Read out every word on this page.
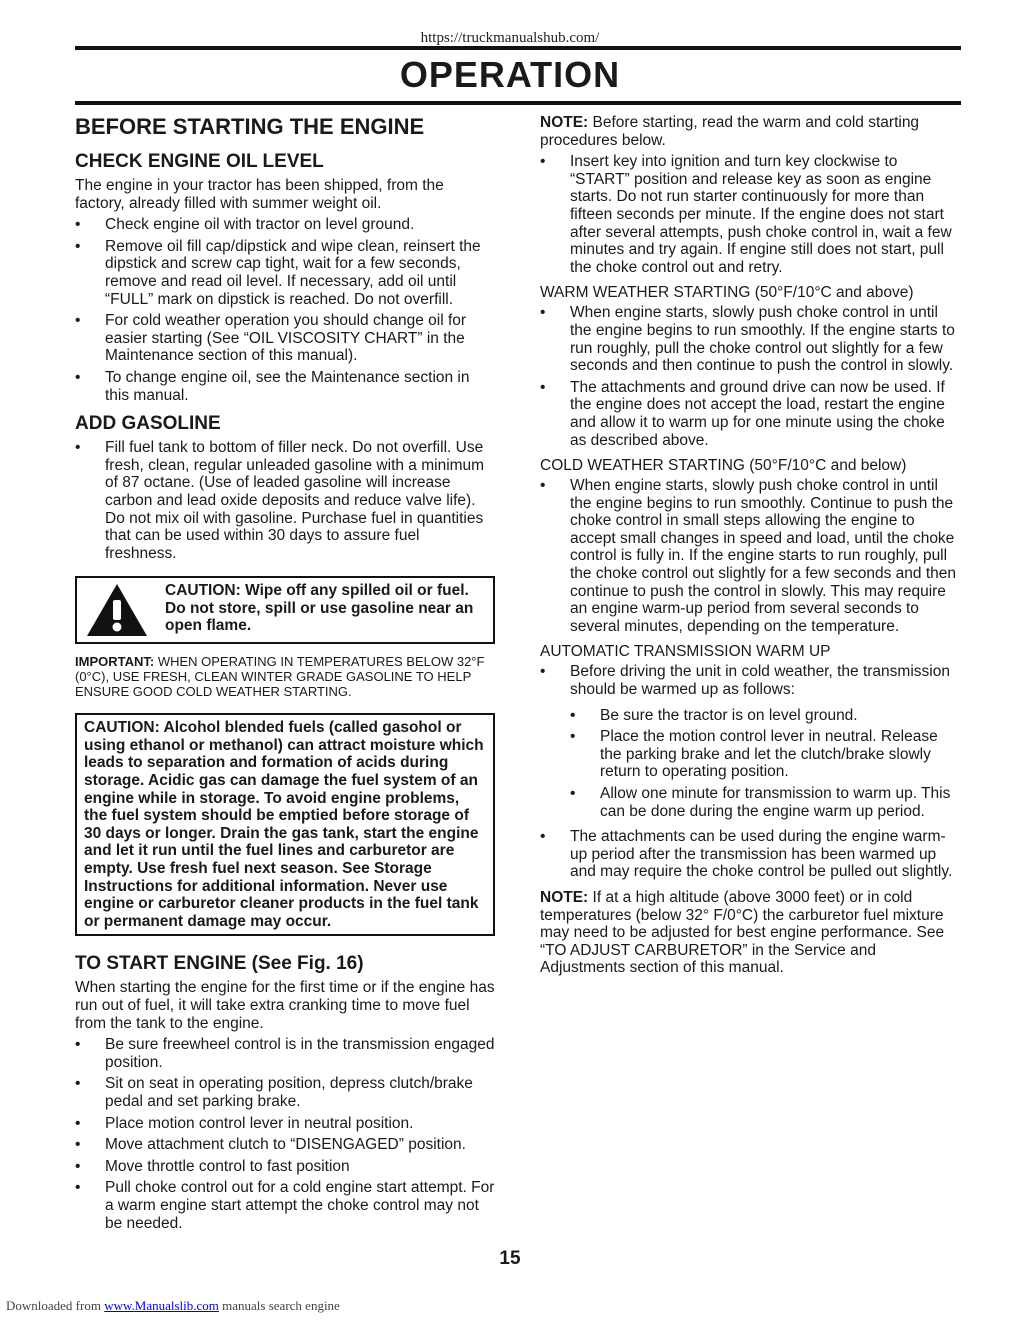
https://truckmanualshub.com/
OPERATION
BEFORE STARTING THE ENGINE
CHECK ENGINE OIL LEVEL

The engine in your tractor has been shipped, from the factory, already filled with summer weight oil.

• Check engine oil with tractor on level ground.
• Remove oil fill cap/dipstick and wipe clean, reinsert the dipstick and screw cap tight, wait for a few seconds, remove and read oil level. If necessary, add oil until “FULL” mark on dipstick is reached. Do not overfill.
• For cold weather operation you should change oil for easier starting (See “OIL VISCOSITY CHART” in the Maintenance section of this manual).
• To change engine oil, see the Maintenance section in this manual.
ADD GASOLINE
• Fill fuel tank to bottom of filler neck. Do not overfill. Use fresh, clean, regular unleaded gasoline with a minimum of 87 octane. (Use of leaded gasoline will increase carbon and lead oxide deposits and reduce valve life). Do not mix oil with gasoline. Purchase fuel in quantities that can be used within 30 days to assure fuel freshness.
CAUTION: Wipe off any spilled oil or fuel. Do not store, spill or use gasoline near an open flame.

IMPORTANT: WHEN OPERATING IN TEMPERATURES BELOW 32°F (0°C), USE FRESH, CLEAN WINTER GRADE GASOLINE TO HELP ENSURE GOOD COLD WEATHER STARTING.

CAUTION: Alcohol blended fuels (called gasohol or using ethanol or methanol) can attract moisture which leads to separation and formation of acids during storage. Acidic gas can damage the fuel system of an engine while in storage. To avoid engine problems, the fuel system should be emptied before storage of 30 days or longer. Drain the gas tank, start the engine and let it run until the fuel lines and carburetor are empty. Use fresh fuel next season. See Storage Instructions for additional information. Never use engine or carburetor cleaner products in the fuel tank or permanent damage may occur.
TO START ENGINE (See Fig. 16)

When starting the engine for the first time or if the engine has run out of fuel, it will take extra cranking time to move fuel from the tank to the engine.

• Be sure freewheel control is in the transmission engaged position.
• Sit on seat in operating position, depress clutch/brake pedal and set parking brake.
• Place motion control lever in neutral position.
• Move attachment clutch to “DISENGAGED” position.
• Move throttle control to fast position
• Pull choke control out for a cold engine start attempt. For a warm engine start attempt the choke control may not be needed.

NOTE: Before starting, read the warm and cold starting procedures below.

• Insert key into ignition and turn key clockwise to “START” position and release key as soon as engine starts. Do not run starter continuously for more than fifteen seconds per minute. If the engine does not start after several attempts, push choke control in, wait a few minutes and try again. If engine still does not start, pull the choke control out and retry.
WARM WEATHER STARTING (50°F/10°C and above)
• When engine starts, slowly push choke control in until the engine begins to run smoothly. If the engine starts to run roughly, pull the choke control out slightly for a few seconds and then continue to push the control in slowly.
• The attachments and ground drive can now be used. If the engine does not accept the load, restart the engine and allow it to warm up for one minute using the choke as described above.
COLD WEATHER STARTING (50°F/10°C and below)
• When engine starts, slowly push choke control in until the engine begins to run smoothly. Continue to push the choke control in small steps allowing the engine to accept small changes in speed and load, until the choke control is fully in. If the engine starts to run roughly, pull the choke control out slightly for a few seconds and then continue to push the control in slowly. This may require an engine warm-up period from several seconds to several minutes, depending on the temperature.
AUTOMATIC TRANSMISSION WARM UP
• Before driving the unit in cold weather, the transmission should be warmed up as follows:
• Be sure the tractor is on level ground.
• Place the motion control lever in neutral. Release the parking brake and let the clutch/brake slowly return to operating position.
• Allow one minute for transmission to warm up. This can be done during the engine warm up period.
• The attachments can be used during the engine warm-up period after the transmission has been warmed up and may require the choke control be pulled out slightly.

NOTE: If at a high altitude (above 3000 feet) or in cold temperatures (below 32° F/0°C) the carburetor fuel mixture may need to be adjusted for best engine performance. See “TO ADJUST CARBURETOR” in the Service and Adjustments section of this manual.

15
Downloaded from www.Manualslib.com manuals search engine
